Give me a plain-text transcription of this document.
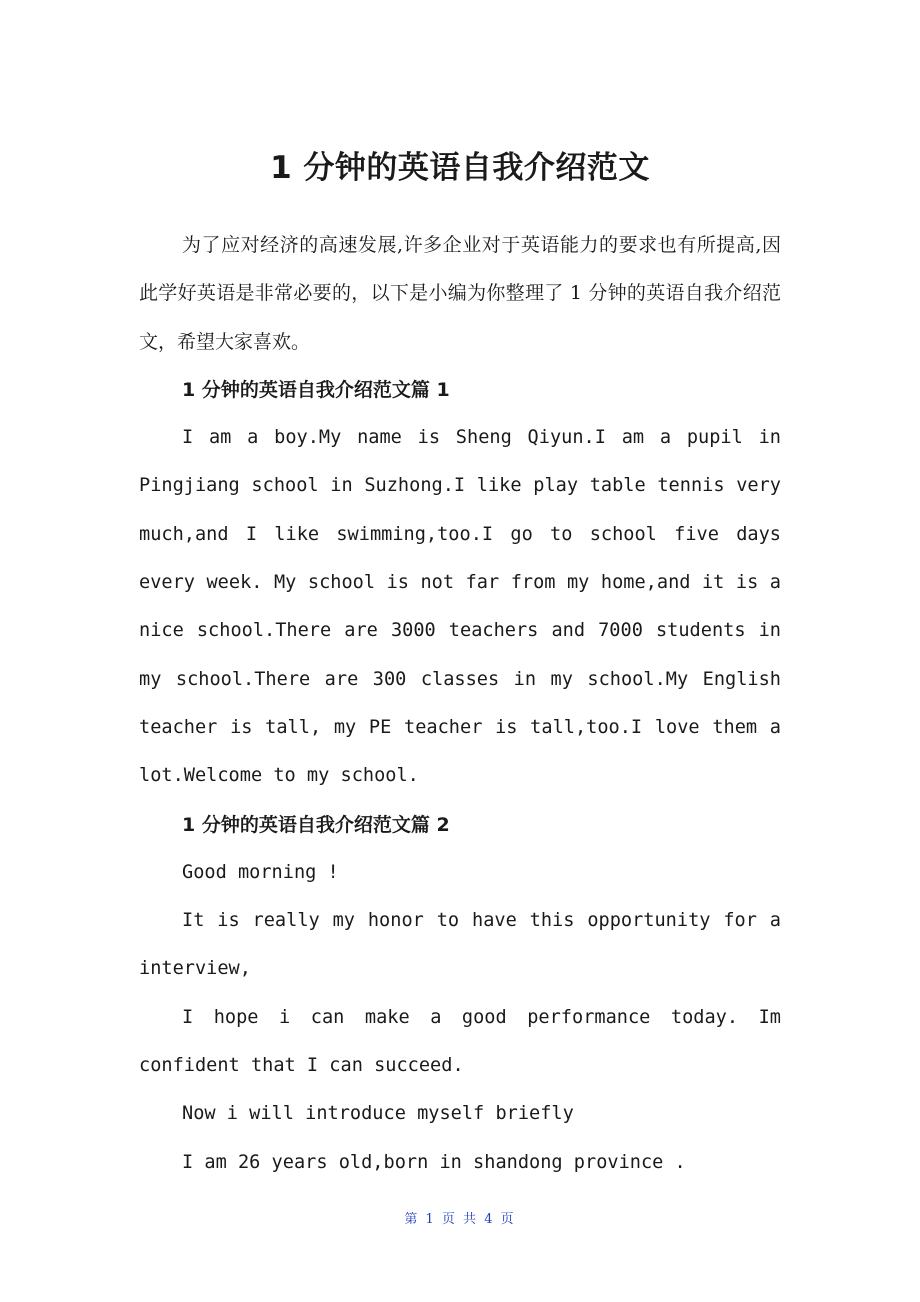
1 分钟的英语自我介绍范文

为了应对经济的高速发展,许多企业对于英语能力的要求也有所提高,因此学好英语是非常必要的，以下是小编为你整理了 1 分钟的英语自我介绍范文，希望大家喜欢。

1 分钟的英语自我介绍范文篇 1

I am a boy.My name is Sheng Qiyun.I am a pupil in Pingjiang school in Suzhong.I like play table tennis very much,and I like swimming,too.I go to school five days every week. My school is not far from my home,and it is a nice school.There are 3000 teachers and 7000 students in my school.There are 300 classes in my school.My English teacher is tall, my PE teacher is tall,too.I love them a lot.Welcome to my school.

1 分钟的英语自我介绍范文篇 2

Good morning !

It is really my honor to have this opportunity for a interview,

I hope i can make a good performance today. Im confident that I can succeed.

Now i will introduce myself briefly

I am 26 years old,born in shandong province .

第 1 页 共 4 页
